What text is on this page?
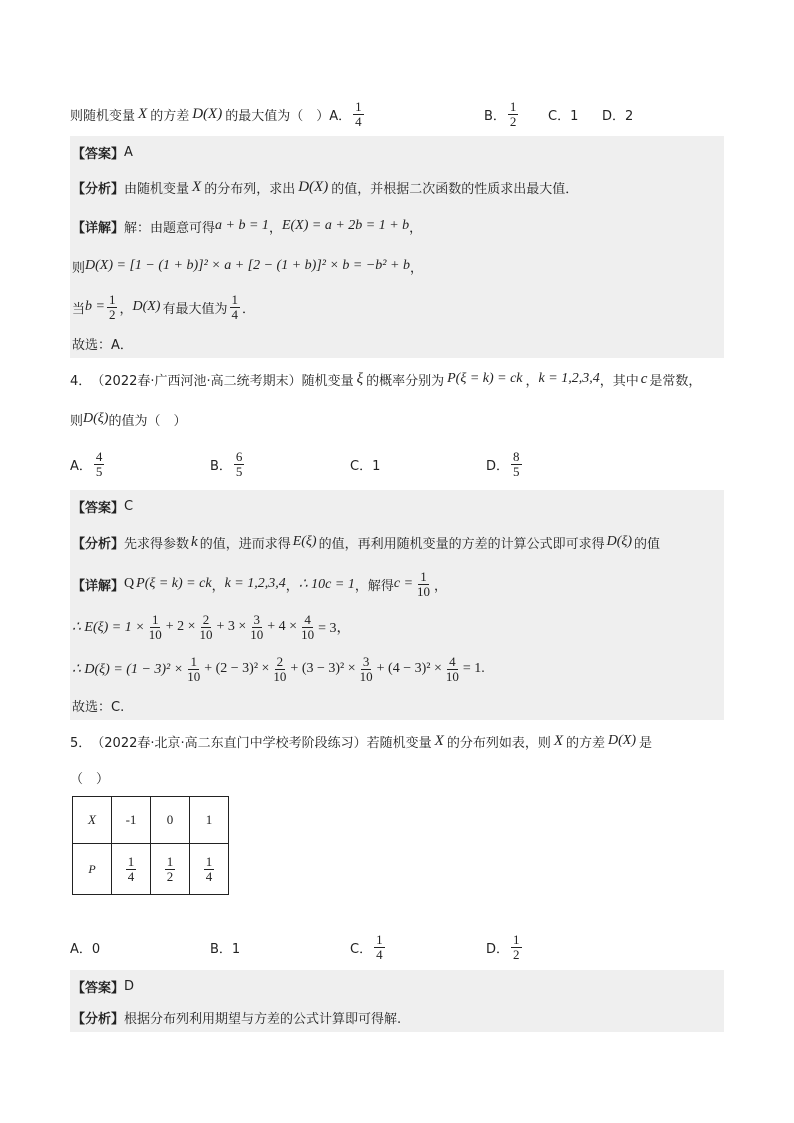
则随机变量 X 的方差 D(X) 的最大值为（　）A． $\frac{1}{4}$	B． $\frac{1}{2}$ C．1 D．2
【答案】 A
【分析】 由随机变量 X 的分布列，求出 D(X) 的值，并根据二次函数的性质求出最大值．
【详解】 解：由题意可得 a + b = 1 ， E(X) = a + 2b = 1 + b ，
则 D(X) = [1 − (1 + b)]² × a + [2 − (1 + b)]² × b = −b² + b ，
当 $b = \frac{1}{2}$ ， D(X) 有最大值为 $\frac{1}{4}$ ．
故选：A．
4． （2022春·广西河池·高二统考期末） 随机变量 ξ 的概率分别为 P(ξ = k) = ck ， k = 1,2,3,4 ，其中 c 是常数，
则 D(ξ) 的值为（　）
A． $\frac{4}{5}$	B． $\frac{6}{5}$	C．1	D． $\frac{8}{5}$
【答案】 C
【分析】 先求得参数 k 的值，进而求得 E(ξ) 的值，再利用随机变量的方差的计算公式即可求得 D(ξ) 的值
【详解】 Q P(ξ = k) = ck ， k = 1,2,3,4 ， ∴ 10c = 1 ，解得 $c = \frac{1}{10}$ ，
∴ $E(\xi) = 1 \times \frac{1}{10} + 2 \times \frac{2}{10} + 3 \times \frac{3}{10} + 4 \times \frac{4}{10} = 3$，
∴ $D(\xi) = (1 - 3)^2 \times \frac{1}{10} + (2 - 3)^2 \times \frac{2}{10} + (3 - 3)^2 \times \frac{3}{10} + (4 - 3)^2 \times \frac{4}{10} = 1$.
故选：C.
5． （2022春·北京·高二东直门中学校考阶段练习） 若随机变量 X 的分布列如表，则 X 的方差 D(X) 是
（　）
X	-1	0	1
P	$\frac{1}{4}$	$\frac{1}{2}$	$\frac{1}{4}$
A．0	B．1	C． $\frac{1}{4}$	D． $\frac{1}{2}$
【答案】 D
【分析】 根据分布列利用期望与方差的公式计算即可得解.
